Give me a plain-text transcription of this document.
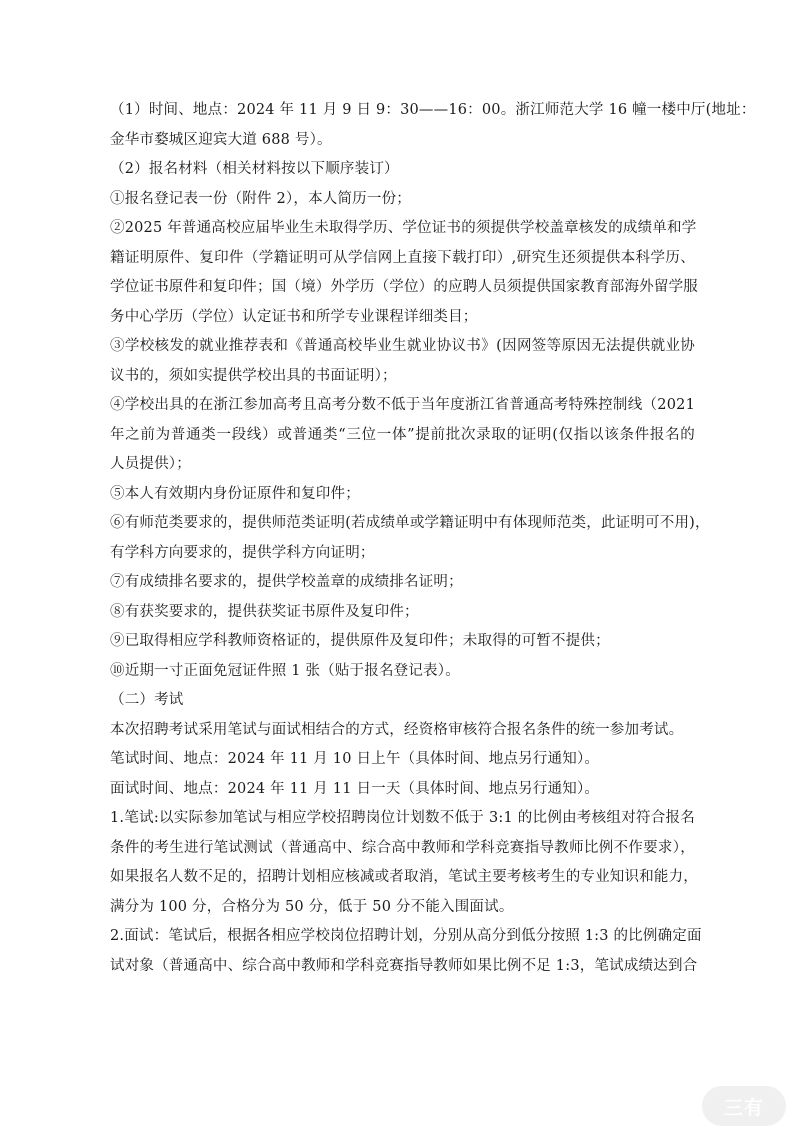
（1）时间、地点：2024 年 11 月 9 日 9：30——16：00。浙江师范大学 16 幢一楼中厅(地址：
金华市婺城区迎宾大道 688 号）。
（2）报名材料（相关材料按以下顺序装订）
①报名登记表一份（附件 2），本人简历一份；
②2025 年普通高校应届毕业生未取得学历、学位证书的须提供学校盖章核发的成绩单和学
籍证明原件、复印件（学籍证明可从学信网上直接下载打印）,研究生还须提供本科学历、
学位证书原件和复印件；国（境）外学历（学位）的应聘人员须提供国家教育部海外留学服
务中心学历（学位）认定证书和所学专业课程详细类目；
③学校核发的就业推荐表和《普通高校毕业生就业协议书》(因网签等原因无法提供就业协
议书的，须如实提供学校出具的书面证明）；
④学校出具的在浙江参加高考且高考分数不低于当年度浙江省普通高考特殊控制线（2021
年之前为普通类一段线）或普通类“三位一体”提前批次录取的证明(仅指以该条件报名的
人员提供）；
⑤本人有效期内身份证原件和复印件；
⑥有师范类要求的，提供师范类证明(若成绩单或学籍证明中有体现师范类，此证明可不用)，
有学科方向要求的，提供学科方向证明；
⑦有成绩排名要求的，提供学校盖章的成绩排名证明；
⑧有获奖要求的，提供获奖证书原件及复印件；
⑨已取得相应学科教师资格证的，提供原件及复印件；未取得的可暂不提供；
⑩近期一寸正面免冠证件照 1 张（贴于报名登记表）。
（二）考试
本次招聘考试采用笔试与面试相结合的方式，经资格审核符合报名条件的统一参加考试。
笔试时间、地点：2024 年 11 月 10 日上午（具体时间、地点另行通知）。
面试时间、地点：2024 年 11 月 11 日一天（具体时间、地点另行通知）。
1.笔试:以实际参加笔试与相应学校招聘岗位计划数不低于 3:1 的比例由考核组对符合报名
条件的考生进行笔试测试（普通高中、综合高中教师和学科竞赛指导教师比例不作要求），
如果报名人数不足的，招聘计划相应核减或者取消，笔试主要考核考生的专业知识和能力，
满分为 100 分，合格分为 50 分，低于 50 分不能入围面试。
2.面试：笔试后，根据各相应学校岗位招聘计划，分别从高分到低分按照 1:3 的比例确定面
试对象（普通高中、综合高中教师和学科竞赛指导教师如果比例不足 1:3，笔试成绩达到合
三有
